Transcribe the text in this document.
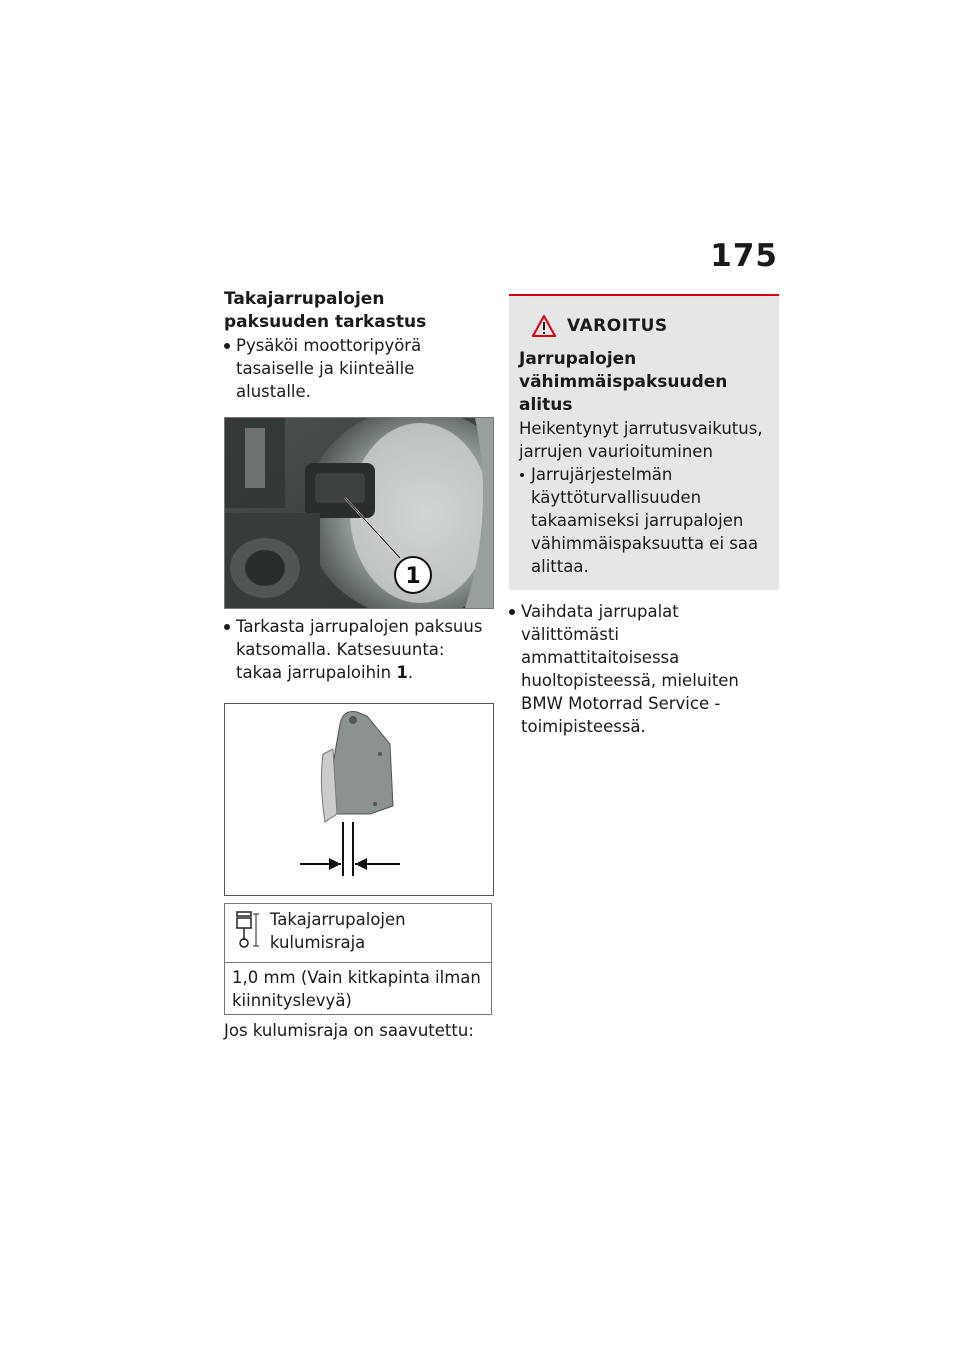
175

Takajarrupalojen paksuuden tarkastus

Pysäköi moottoripyörä tasaiselle ja kiinteälle alustalle.

1

Tarkasta jarrupalojen paksuus katsomalla. Katsesuunta: takaa jarrupaloihin 1.

Takajarrupalojen kulumisraja
1,0 mm (Vain kitkapinta ilman kiinnityslevyä)

Jos kulumisraja on saavutettu:

VAROITUS

Jarrupalojen vähimmäispaksuuden alitus

Heikentynyt jarrutusvaikutus, jarrujen vaurioituminen

Jarrujärjestelmän käyttöturvallisuuden takaamiseksi jarrupalojen vähimmäispaksuutta ei saa alittaa.

Vaihdata jarrupalat välittömästi ammattitaitoisessa huoltopisteessä, mieluiten BMW Motorrad Service -toimipisteessä.
